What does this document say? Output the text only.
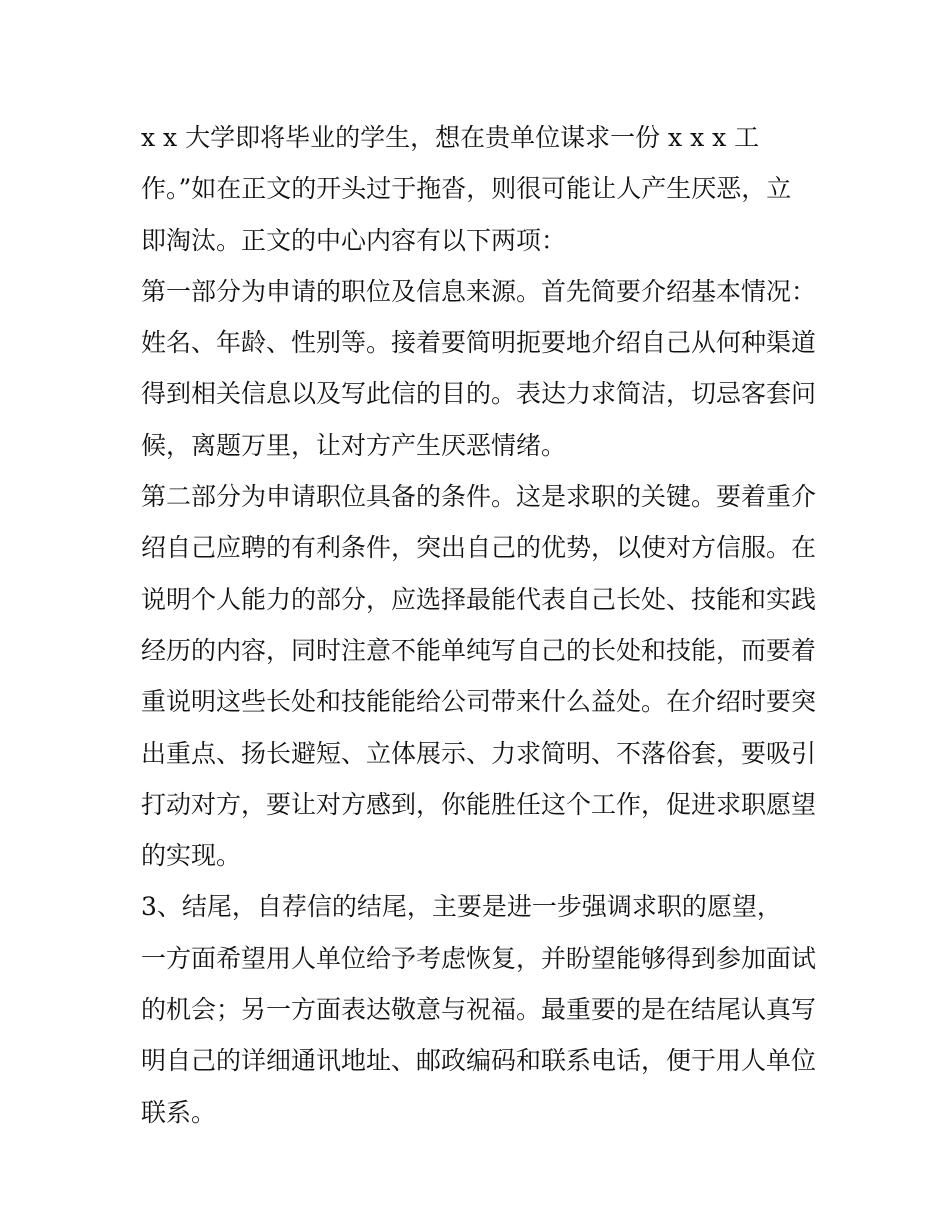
x x 大学即将毕业的学生，想在贵单位谋求一份 x x x 工
作。”如在正文的开头过于拖沓，则很可能让人产生厌恶，立
即淘汰。正文的中心内容有以下两项：
第一部分为申请的职位及信息来源。首先简要介绍基本情况：
姓名、年龄、性别等。接着要简明扼要地介绍自己从何种渠道
得到相关信息以及写此信的目的。表达力求简洁，切忌客套问
候，离题万里，让对方产生厌恶情绪。
第二部分为申请职位具备的条件。这是求职的关键。要着重介
绍自己应聘的有利条件，突出自己的优势，以使对方信服。在
说明个人能力的部分，应选择最能代表自己长处、技能和实践
经历的内容，同时注意不能单纯写自己的长处和技能，而要着
重说明这些长处和技能能给公司带来什么益处。在介绍时要突
出重点、扬长避短、立体展示、力求简明、不落俗套，要吸引
打动对方，要让对方感到，你能胜任这个工作，促进求职愿望
的实现。
3、结尾，自荐信的结尾，主要是进一步强调求职的愿望，
一方面希望用人单位给予考虑恢复，并盼望能够得到参加面试
的机会；另一方面表达敬意与祝福。最重要的是在结尾认真写
明自己的详细通讯地址、邮政编码和联系电话，便于用人单位
联系。
